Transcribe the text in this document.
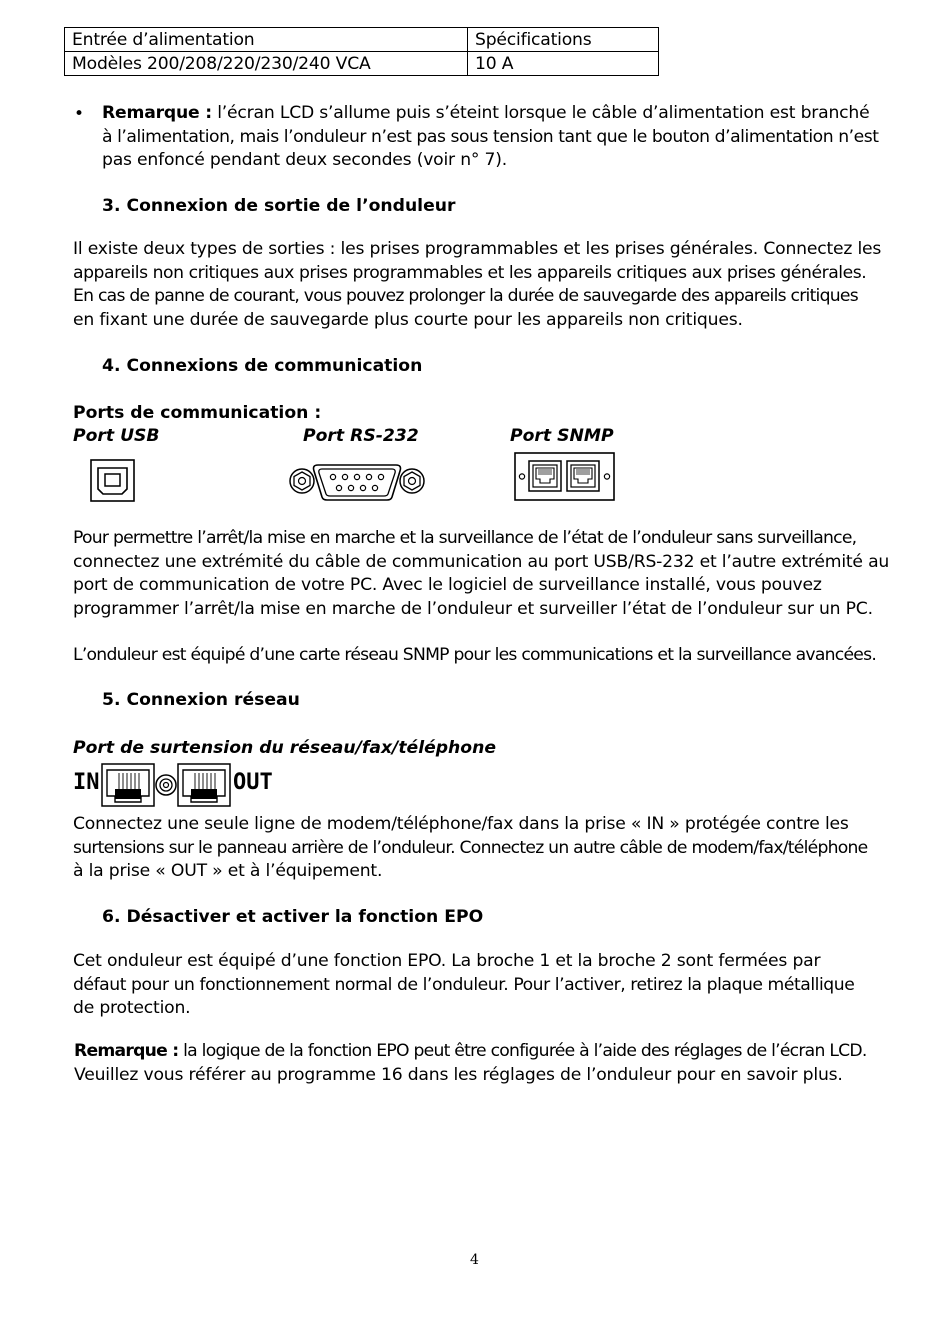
Entrée d’alimentation	Spécifications
Modèles 200/208/220/230/240 VCA	10 A
• Remarque : l’écran LCD s’allume puis s’éteint lorsque le câble d’alimentation est branché
à l’alimentation, mais l’onduleur n’est pas sous tension tant que le bouton d’alimentation n’est
pas enfoncé pendant deux secondes (voir n° 7).
3. Connexion de sortie de l’onduleur
Il existe deux types de sorties : les prises programmables et les prises générales. Connectez les
appareils non critiques aux prises programmables et les appareils critiques aux prises générales.
En cas de panne de courant, vous pouvez prolonger la durée de sauvegarde des appareils critiques
en fixant une durée de sauvegarde plus courte pour les appareils non critiques.
4. Connexions de communication
Ports de communication :
Port USB	Port RS-232	Port SNMP
Pour permettre l’arrêt/la mise en marche et la surveillance de l’état de l’onduleur sans surveillance,
connectez une extrémité du câble de communication au port USB/RS-232 et l’autre extrémité au
port de communication de votre PC. Avec le logiciel de surveillance installé, vous pouvez
programmer l’arrêt/la mise en marche de l’onduleur et surveiller l’état de l’onduleur sur un PC.
L’onduleur est équipé d’une carte réseau SNMP pour les communications et la surveillance avancées.
5. Connexion réseau
Port de surtension du réseau/fax/téléphone
IN	OUT
Connectez une seule ligne de modem/téléphone/fax dans la prise « IN » protégée contre les
surtensions sur le panneau arrière de l’onduleur. Connectez un autre câble de modem/fax/téléphone
à la prise « OUT » et à l’équipement.
6. Désactiver et activer la fonction EPO
Cet onduleur est équipé d’une fonction EPO. La broche 1 et la broche 2 sont fermées par
défaut pour un fonctionnement normal de l’onduleur. Pour l’activer, retirez la plaque métallique
de protection.
Remarque : la logique de la fonction EPO peut être configurée à l’aide des réglages de l’écran LCD.
Veuillez vous référer au programme 16 dans les réglages de l’onduleur pour en savoir plus.
4
